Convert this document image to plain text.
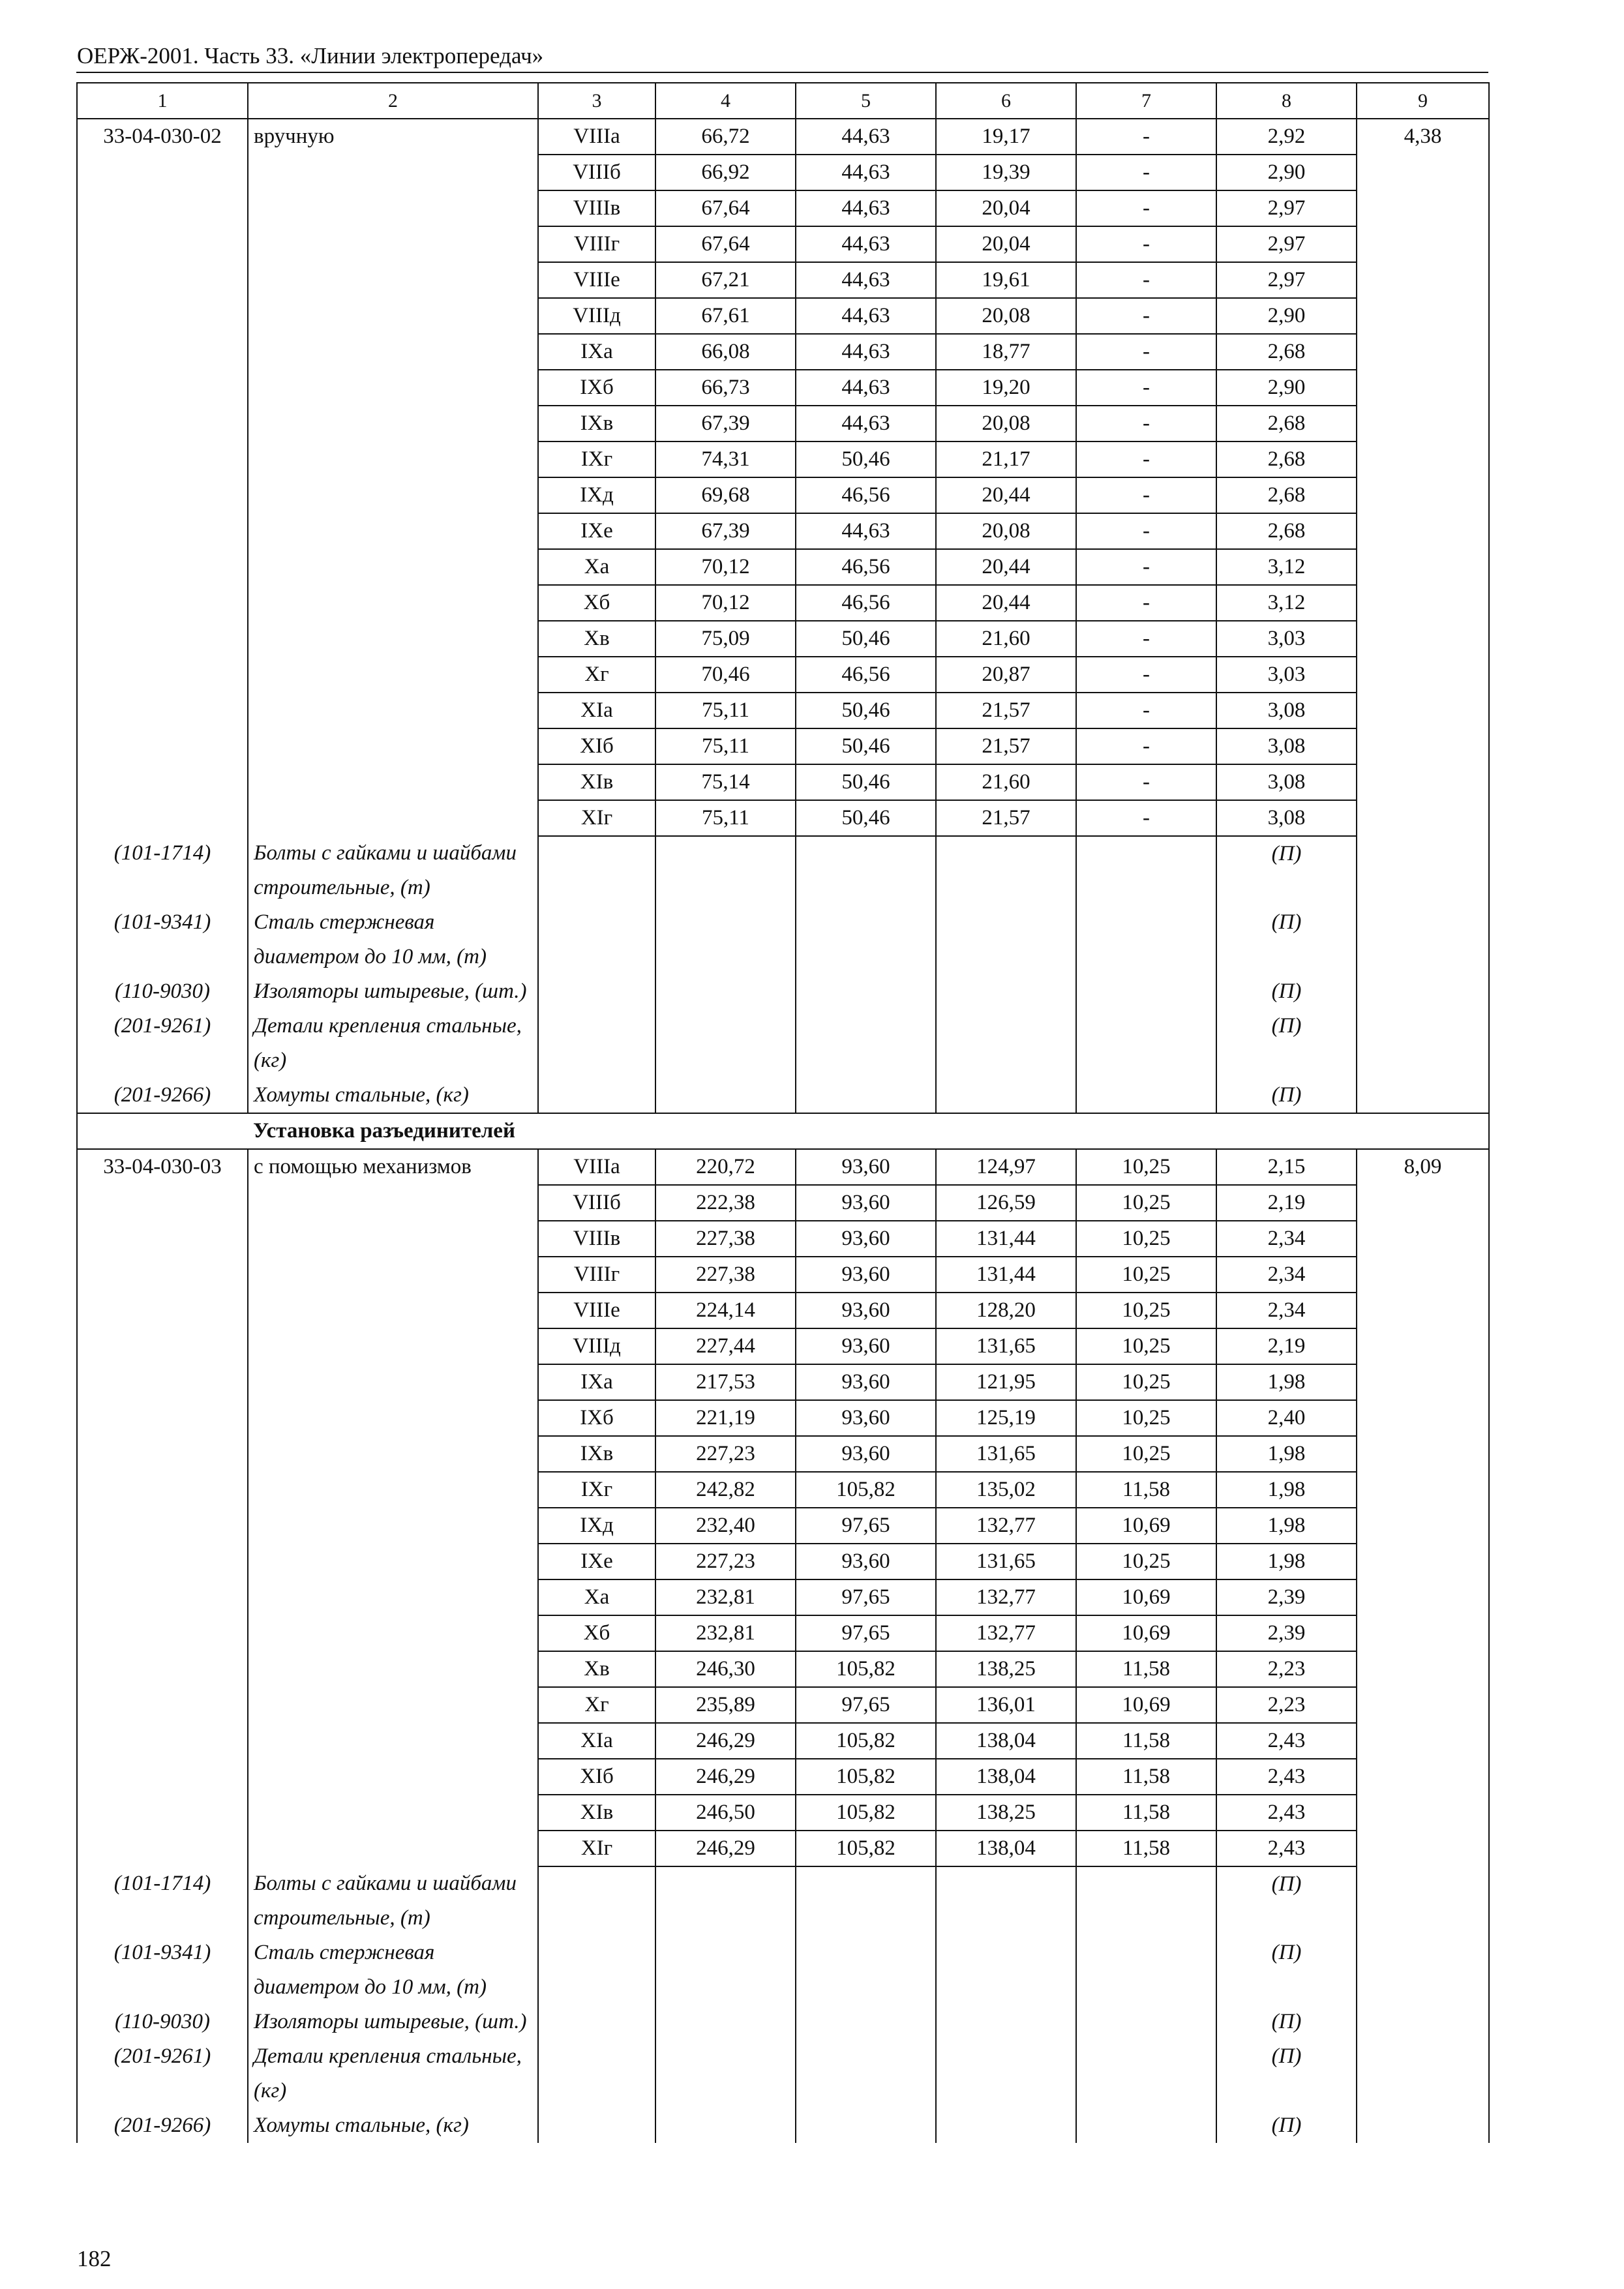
ОЕРЖ-2001. Часть 33. «Линии электропередач»
1	2	3	4	5	6	7	8	9
33-04-030-02	вручную	VIIIа	66,72	44,63	19,17	-	2,92	4,38
		VIIIб	66,92	44,63	19,39	-	2,90	
		VIIIв	67,64	44,63	20,04	-	2,97	
		VIIIг	67,64	44,63	20,04	-	2,97	
		VIIIе	67,21	44,63	19,61	-	2,97	
		VIIIд	67,61	44,63	20,08	-	2,90	
		IXа	66,08	44,63	18,77	-	2,68	
		IXб	66,73	44,63	19,20	-	2,90	
		IXв	67,39	44,63	20,08	-	2,68	
		IXг	74,31	50,46	21,17	-	2,68	
		IXд	69,68	46,56	20,44	-	2,68	
		IXе	67,39	44,63	20,08	-	2,68	
		Xа	70,12	46,56	20,44	-	3,12	
		Xб	70,12	46,56	20,44	-	3,12	
		Xв	75,09	50,46	21,60	-	3,03	
		Xг	70,46	46,56	20,87	-	3,03	
		XIа	75,11	50,46	21,57	-	3,08	
		XIб	75,11	50,46	21,57	-	3,08	
		XIв	75,14	50,46	21,60	-	3,08	
		XIг	75,11	50,46	21,57	-	3,08	
(101-1714)	Болты с гайками и шайбами строительные, (т)						(П)	
(101-9341)	Сталь стержневая диаметром до 10 мм, (т)						(П)	
(110-9030)	Изоляторы штыревые, (шт.)						(П)	
(201-9261)	Детали крепления стальные, (кг)						(П)	
(201-9266)	Хомуты стальные, (кг)						(П)	
	Установка разъединителей							
33-04-030-03	с помощью механизмов	VIIIа	220,72	93,60	124,97	10,25	2,15	8,09
		VIIIб	222,38	93,60	126,59	10,25	2,19	
		VIIIв	227,38	93,60	131,44	10,25	2,34	
		VIIIг	227,38	93,60	131,44	10,25	2,34	
		VIIIе	224,14	93,60	128,20	10,25	2,34	
		VIIIд	227,44	93,60	131,65	10,25	2,19	
		IXа	217,53	93,60	121,95	10,25	1,98	
		IXб	221,19	93,60	125,19	10,25	2,40	
		IXв	227,23	93,60	131,65	10,25	1,98	
		IXг	242,82	105,82	135,02	11,58	1,98	
		IXд	232,40	97,65	132,77	10,69	1,98	
		IXе	227,23	93,60	131,65	10,25	1,98	
		Xа	232,81	97,65	132,77	10,69	2,39	
		Xб	232,81	97,65	132,77	10,69	2,39	
		Xв	246,30	105,82	138,25	11,58	2,23	
		Xг	235,89	97,65	136,01	10,69	2,23	
		XIа	246,29	105,82	138,04	11,58	2,43	
		XIб	246,29	105,82	138,04	11,58	2,43	
		XIв	246,50	105,82	138,25	11,58	2,43	
		XIг	246,29	105,82	138,04	11,58	2,43	
(101-1714)	Болты с гайками и шайбами строительные, (т)						(П)	
(101-9341)	Сталь стержневая диаметром до 10 мм, (т)						(П)	
(110-9030)	Изоляторы штыревые, (шт.)						(П)	
(201-9261)	Детали крепления стальные, (кг)						(П)	
(201-9266)	Хомуты стальные, (кг)						(П)	
182
